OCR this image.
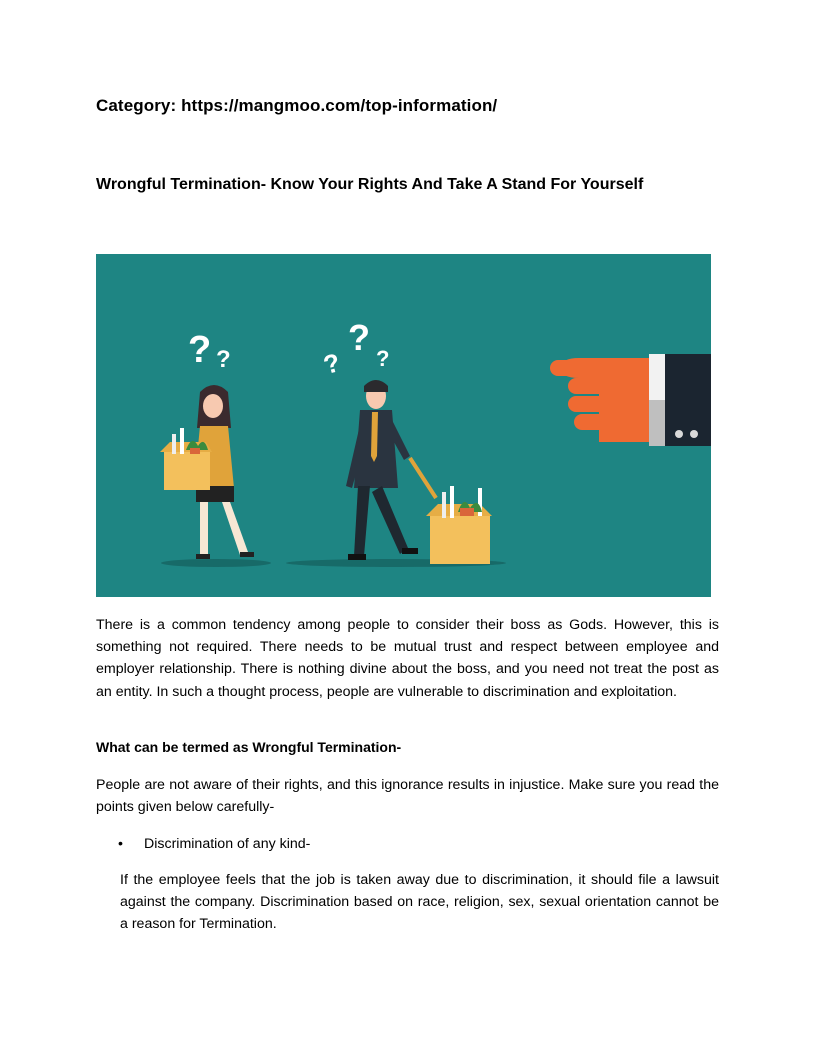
Category: https://mangmoo.com/top-information/
Wrongful Termination- Know Your Rights And Take A Stand For Yourself
? ?	?
?
?

There is a common tendency among people to consider their boss as Gods. However, this is something not required. There needs to be mutual trust and respect between employee and employer relationship. There is nothing divine about the boss, and you need not treat the post as an entity. In such a thought process, people are vulnerable to discrimination and exploitation.

What can be termed as Wrongful Termination-

People are not aware of their rights, and this ignorance results in injustice. Make sure you read the points given below carefully-

•	Discrimination of any kind-

If the employee feels that the job is taken away due to discrimination, it should file a lawsuit against the company. Discrimination based on race, religion, sex, sexual orientation cannot be a reason for Termination.
